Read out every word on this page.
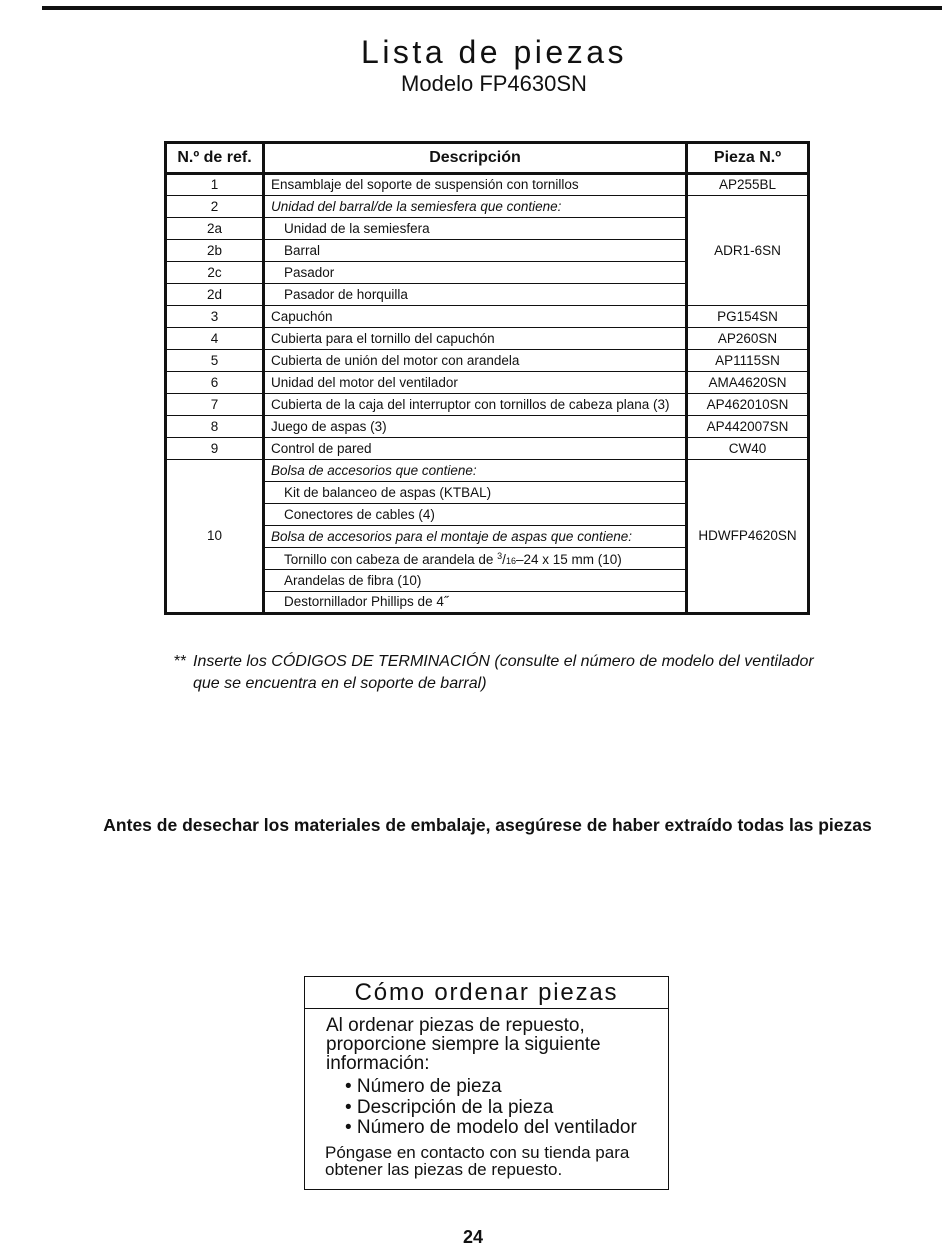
Lista de piezas
Modelo FP4630SN
N.º de ref.	Descripción	Pieza N.º
1	Ensamblaje del soporte de suspensión con tornillos	AP255BL
2	Unidad del barral/de la semiesfera que contiene:	ADR1-6SN
2a	Unidad de la semiesfera	
2b	Barral	
2c	Pasador	
2d	Pasador de horquilla	
3	Capuchón	PG154SN
4	Cubierta para el tornillo del capuchón	AP260SN
5	Cubierta de unión del motor con arandela	AP1115SN
6	Unidad del motor del ventilador	AMA4620SN
7	Cubierta de la caja del interruptor con tornillos de cabeza plana (3)	AP462010SN
8	Juego de aspas (3)	AP442007SN
9	Control de pared	CW40
10	Bolsa de accesorios que contiene:	HDWFP4620SN
	Kit de balanceo de aspas (KTBAL)	
	Conectores de cables (4)	
	Bolsa de accesorios para el montaje de aspas que contiene:	
	Tornillo con cabeza de arandela de $^3$/16–24 x 15 mm (10)	
	Arandelas de fibra (10)	
	Destornillador Phillips de 4˝	
** Inserte los CÓDIGOS DE TERMINACIÓN (consulte el número de modelo del ventilador que se encuentra en el soporte de barral)
Antes de desechar los materiales de embalaje, asegúrese de haber extraído todas las piezas
Cómo ordenar piezas
Al ordenar piezas de repuesto, proporcione siempre la siguiente información:
• Número de pieza
• Descripción de la pieza
• Número de modelo del ventilador
Póngase en contacto con su tienda para obtener las piezas de repuesto.
24
